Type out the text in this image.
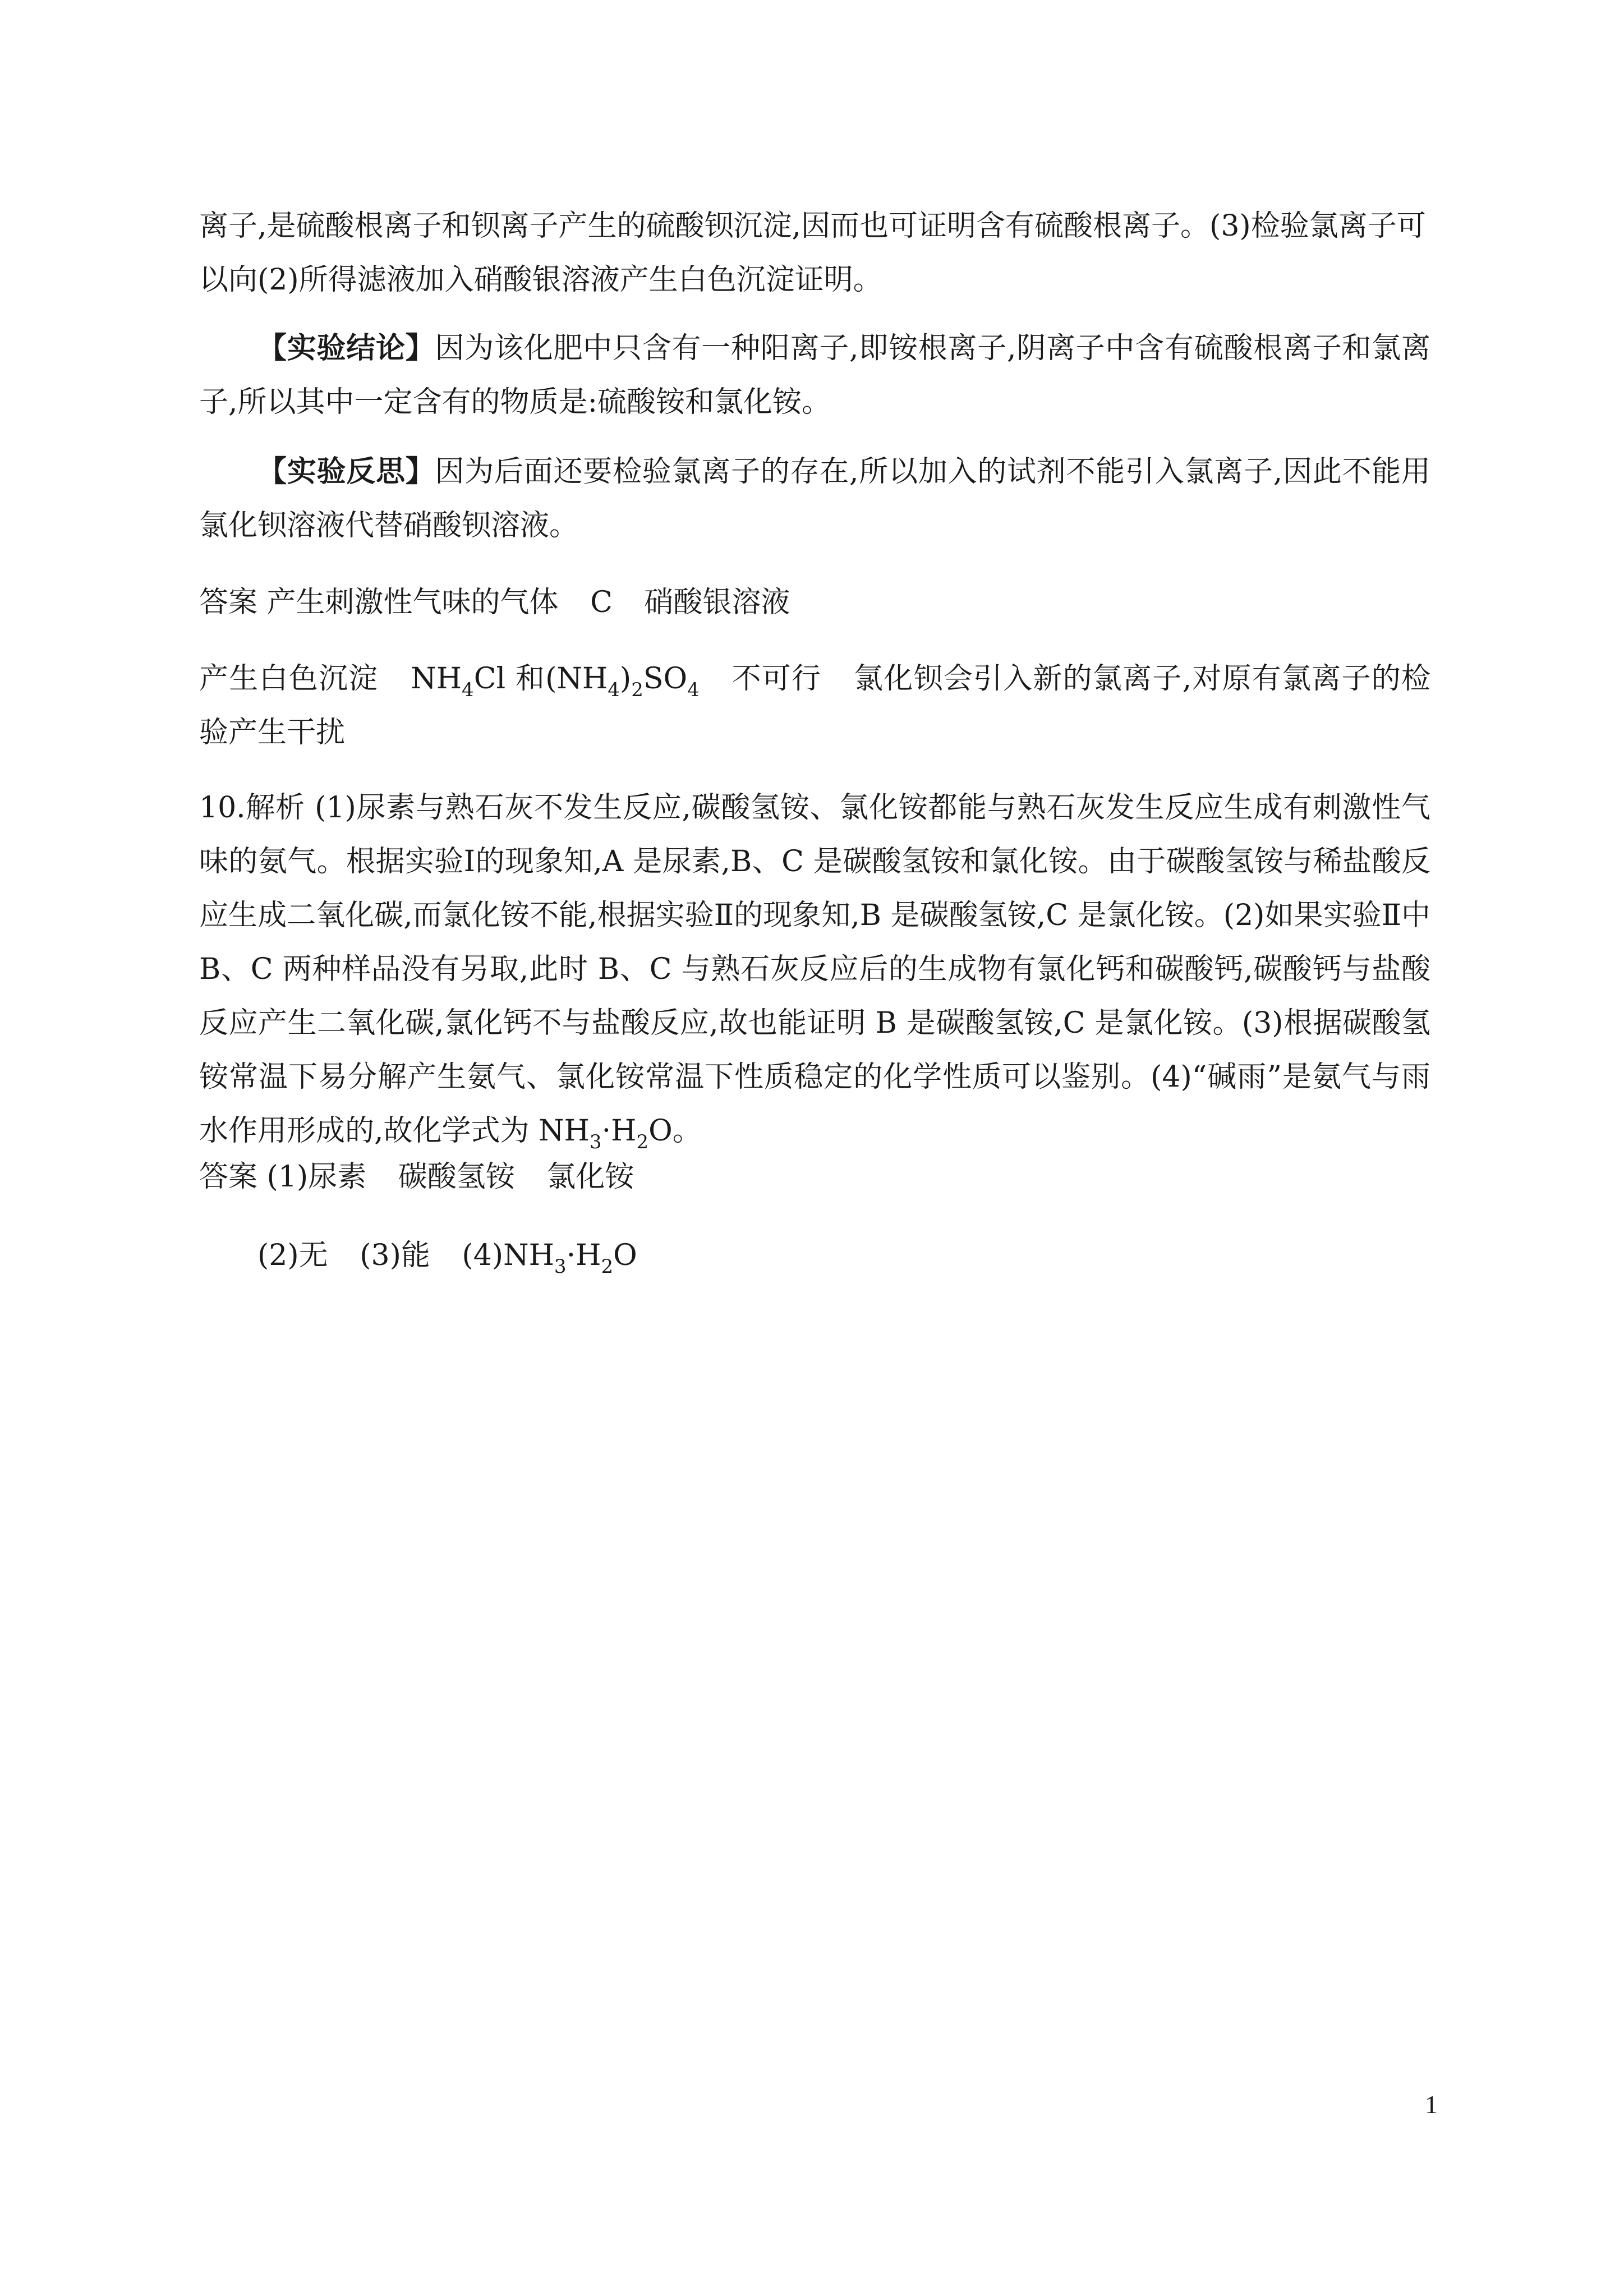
离子,是硫酸根离子和钡离子产生的硫酸钡沉淀,因而也可证明含有硫酸根离子。(3)检验氯离子可
以向(2)所得滤液加入硝酸银溶液产生白色沉淀证明。

【实验结论】因为该化肥中只含有一种阳离子,即铵根离子,阴离子中含有硫酸根离子和氯离子,所以其中一定含有的物质是:硫酸铵和氯化铵。

【实验反思】因为后面还要检验氯离子的存在,所以加入的试剂不能引入氯离子,因此不能用氯化钡溶液代替硝酸钡溶液。

答案 产生刺激性气味的气体 C 硝酸银溶液

产生白色沉淀 $NH_4Cl$ 和$(NH_4)_2SO_4$ 不可行 氯化钡会引入新的氯离子,对原有氯离子的检验产生干扰

10.解析 (1)尿素与熟石灰不发生反应,碳酸氢铵、氯化铵都能与熟石灰发生反应生成有刺激性气味的氨气。根据实验Ⅰ的现象知,A 是尿素,B、C 是碳酸氢铵和氯化铵。由于碳酸氢铵与稀盐酸反应生成二氧化碳,而氯化铵不能,根据实验Ⅱ的现象知,B 是碳酸氢铵,C 是氯化铵。(2)如果实验Ⅱ中 B、C 两种样品没有另取,此时 B、C 与熟石灰反应后的生成物有氯化钙和碳酸钙,碳酸钙与盐酸反应产生二氧化碳,氯化钙不与盐酸反应,故也能证明 B 是碳酸氢铵,C 是氯化铵。(3)根据碳酸氢铵常温下易分解产生氨气、氯化铵常温下性质稳定的化学性质可以鉴别。(4)“碱雨”是氨气与雨水作用形成的,故化学式为 $NH_3\cdot H_2O$。

答案 (1)尿素 碳酸氢铵 氯化铵

(2)无 (3)能 $(4)NH_3\cdot H_2O$

1
